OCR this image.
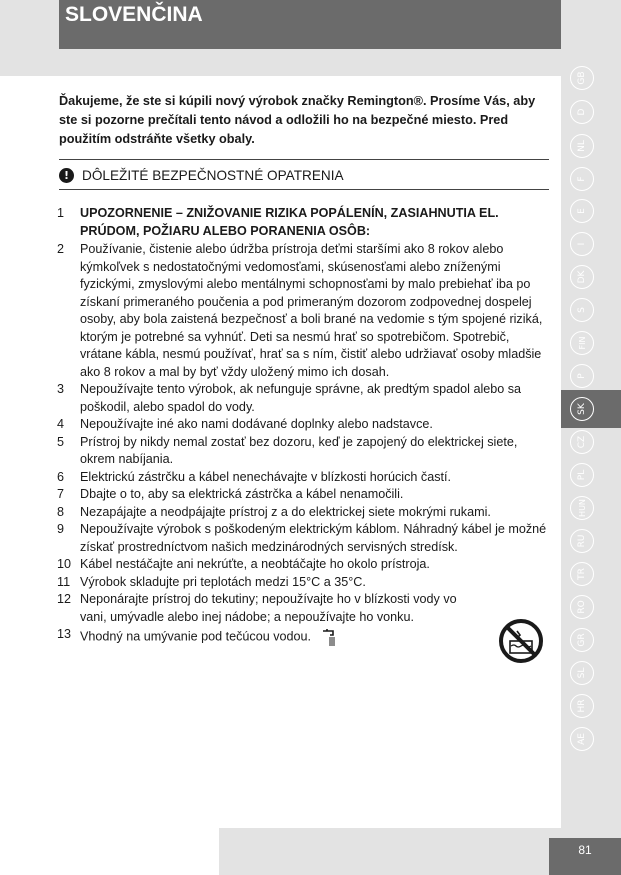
SLOVENČINA
GB
D
NL
F
E
I
DK
S
FIN
P
SK
CZ
PL
HUN
RU
TR
RO
GR
SL
HR
AE
Ďakujeme, že ste si kúpili nový výrobok značky Remington®. Prosíme Vás, aby ste si pozorne prečítali tento návod a odložili ho na bezpečné miesto. Pred použitím odstráňte všetky obaly.
! DÔLEŽITÉ BEZPEČNOSTNÉ OPATRENIA
1	UPOZORNENIE – ZNIŽOVANIE RIZIKA POPÁLENÍN, ZASIAHNUTIA EL. PRÚDOM, POŽIARU ALEBO PORANENIA OSÔB:
2	Používanie, čistenie alebo údržba prístroja deťmi staršími ako 8 rokov alebo kýmkoľvek s nedostatočnými vedomosťami, skúsenosťami alebo zníženými fyzickými, zmyslovými alebo mentálnymi schopnosťami by malo prebiehať iba po získaní primeraného poučenia a pod primeraným dozorom zodpovednej dospelej osoby, aby bola zaistená bezpečnosť a boli brané na vedomie s tým spojené riziká, ktorým je potrebné sa vyhnúť. Deti sa nesmú hrať so spotrebičom. Spotrebič, vrátane kábla, nesmú používať, hrať sa s ním, čistiť alebo udržiavať osoby mladšie ako 8 rokov a mal by byť vždy uložený mimo ich dosah.
3	Nepoužívajte tento výrobok, ak nefunguje správne, ak predtým spadol alebo sa poškodil, alebo spadol do vody.
4	Nepoužívajte iné ako nami dodávané doplnky alebo nadstavce.
5	Prístroj by nikdy nemal zostať bez dozoru, keď je zapojený do elektrickej siete, okrem nabíjania.
6	Elektrickú zástrčku a kábel nenechávajte v blízkosti horúcich častí.
7	Dbajte o to, aby sa elektrická zástrčka a kábel nenamočili.
8	Nezapájajte a neodpájajte prístroj z a do elektrickej siete mokrými rukami.
9	Nepoužívajte výrobok s poškodeným elektrickým káblom. Náhradný kábel je možné získať prostredníctvom našich medzinárodných servisných stredísk.
10 Kábel nestáčajte ani nekrúťte, a neobtáčajte ho okolo prístroja.
11 Výrobok skladujte pri teplotách medzi 15°C a 35°C.
12 Neponárajte prístroj do tekutiny; nepoužívajte ho v blízkosti vody vo vani, umývadle alebo inej nádobe; a nepoužívajte ho vonku.
13 Vhodný na umývanie pod tečúcou vodou.
81
